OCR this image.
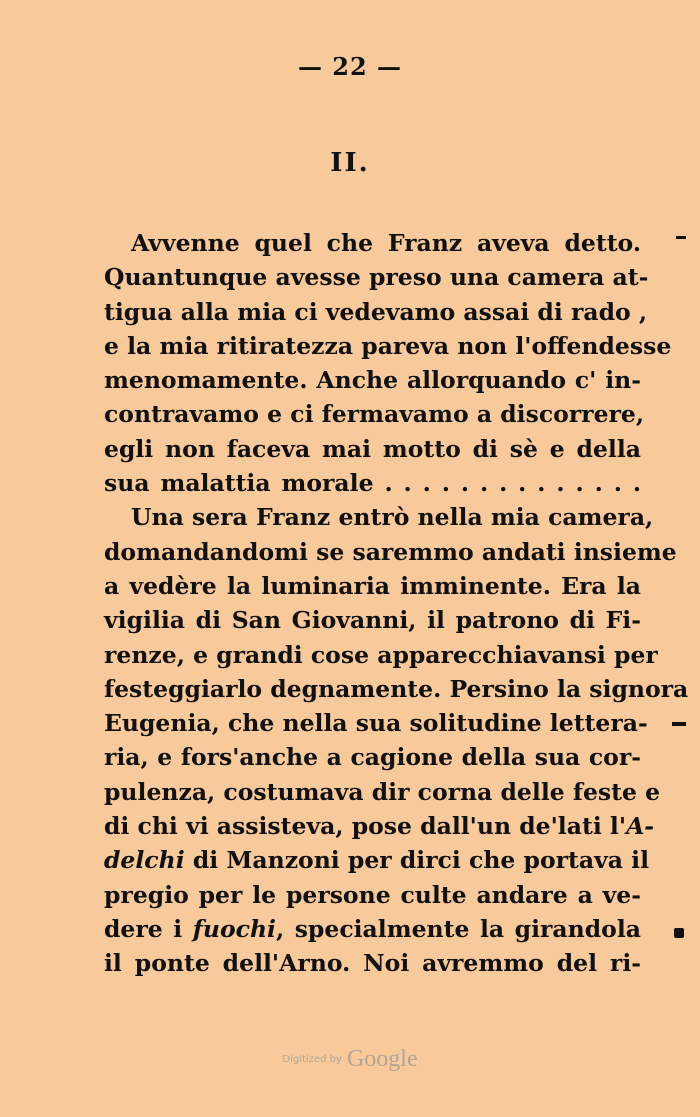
— 22 —
II.
Avvenne quel che Franz aveva detto.
Quantunque avesse preso una camera at-
tigua alla mia ci vedevamo assai di rado ,
e la mia ritiratezza pareva non l'offendesse
menomamente. Anche allorquando c' in-
contravamo e ci fermavamo a discorrere,
egli non faceva mai motto di sè e della
sua malattia morale . . . . . . . . . . . . . .
Una sera Franz entrò nella mia camera,
domandandomi se saremmo andati insieme
a vedère la luminaria imminente. Era la
vigilia di San Giovanni, il patrono di Fi-
renze, e grandi cose apparecchiavansi per
festeggiarlo degnamente. Persino la signora
Eugenia, che nella sua solitudine lettera-
ria, e fors'anche a cagione della sua cor-
pulenza, costumava dir corna delle feste e
di chi vi assisteva, pose dall'un de'lati l'A-
delchi di Manzoni per dirci che portava il
pregio per le persone culte andare a ve-
dere i fuochi, specialmente la girandola
il ponte dell'Arno. Noi avremmo del ri-
Digitized by Google
